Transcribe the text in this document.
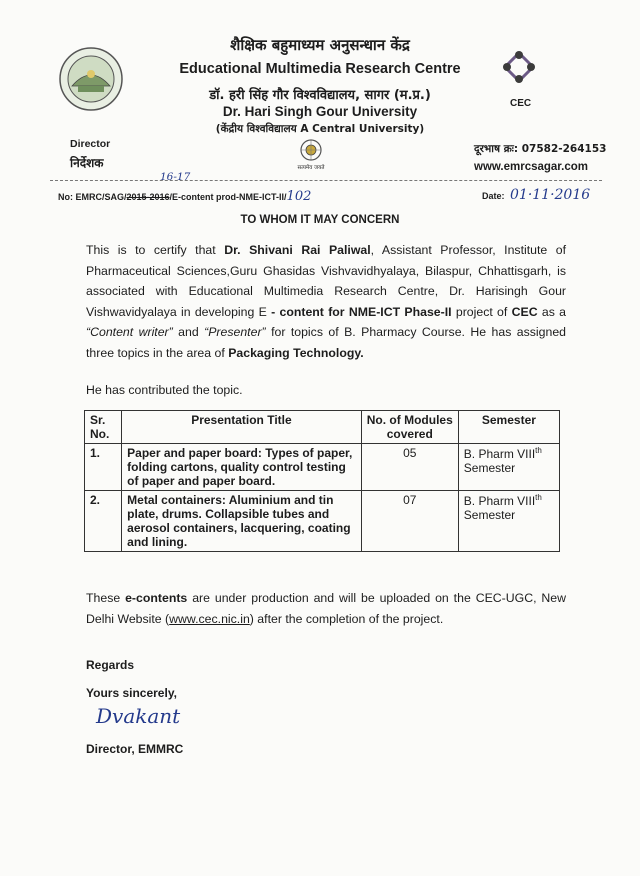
शैक्षिक बहुमाध्यम अनुसन्धान केंद्र
Educational Multimedia Research Centre
डॉ. हरी सिंह गौर विश्वविद्यालय, सागर (म.प्र.)
Dr. Hari Singh Gour University
(केंद्रीय विश्वविद्यालय A Central University)
CEC
Director
निर्देशक	सत्यमेव जयते
दूरभाष क्रः: 07582-264153
www.emrcsagar.com
16-17
No: EMRC/SAG/2015-2016/E-content prod-NME-ICT-II/102	Date: 01·11·2016
TO WHOM IT MAY CONCERN

This is to certify that Dr. Shivani Rai Paliwal, Assistant Professor, Institute of Pharmaceutical Sciences,Guru Ghasidas Vishvavidhyalaya, Bilaspur, Chhattisgarh, is associated with Educational Multimedia Research Centre, Dr. Harisingh Gour Vishwavidyalaya in developing E - content for NME-ICT Phase-II project of CEC as a “Content writer” and “Presenter” for topics of B. Pharmacy Course. He has assigned three topics in the area of Packaging Technology.

He has contributed the topic.

Sr. No.	Presentation Title	No. of Modules covered	Semester
1.	Paper and paper board: Types of paper, folding cartons, quality control testing of paper and paper board.	05	B. Pharm VIIIth
Semester
2.	Metal containers: Aluminium and tin plate, drums. Collapsible tubes and aerosol containers, lacquering, coating and lining.	07	B. Pharm VIIIth
Semester

These e-contents are under production and will be uploaded on the CEC-UGC, New Delhi Website (www.cec.nic.in) after the completion of the project.

Regards
Yours sincerely,
Dvakant
Director, EMMRC
